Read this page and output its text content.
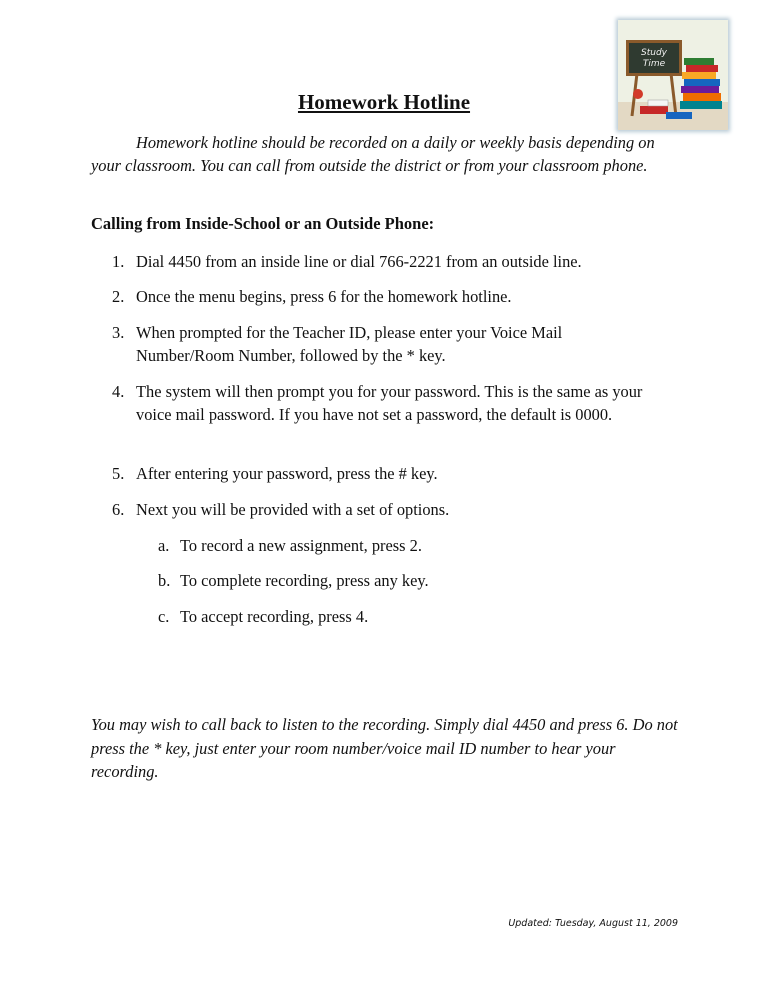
Study
Time
Homework Hotline
Homework hotline should be recorded on a daily or weekly basis depending on your classroom. You can call from outside the district or from your classroom phone.
Calling from Inside-School or an Outside Phone:
1. Dial 4450 from an inside line or dial 766-2221 from an outside line.
2. Once the menu begins, press 6 for the homework hotline.
3. When prompted for the Teacher ID, please enter your Voice Mail Number/Room Number, followed by the * key.
4. The system will then prompt you for your password. This is the same as your voice mail password. If you have not set a password, the default is 0000.
5. After entering your password, press the # key.
6. Next you will be provided with a set of options.
a. To record a new assignment, press 2.
b. To complete recording, press any key.
c. To accept recording, press 4.
You may wish to call back to listen to the recording. Simply dial 4450 and press 6. Do not press the * key, just enter your room number/voice mail ID number to hear your recording.
Updated: Tuesday, August 11, 2009
